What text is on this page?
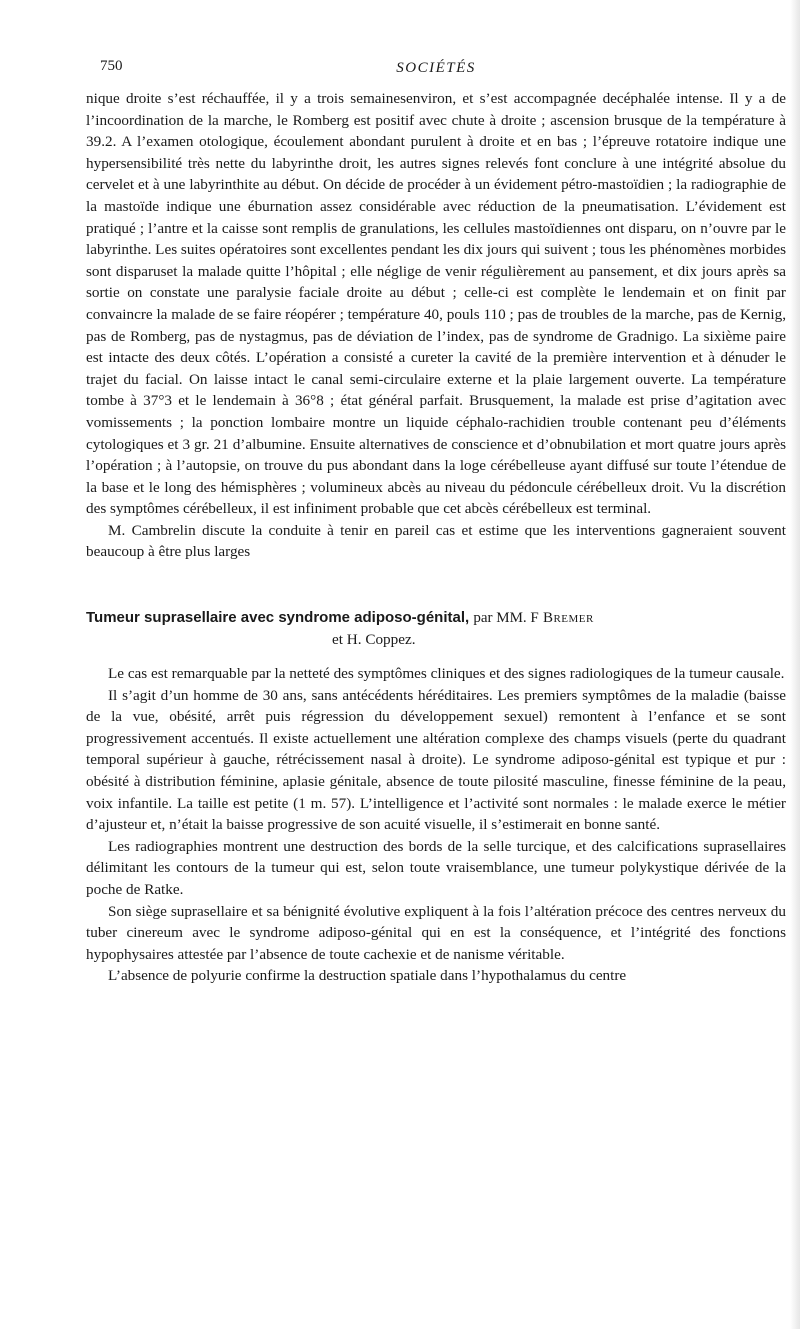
750	SOCIÉTÉS

nique droite s’est réchauffée, il y a trois semainesenviron, et s’est accompagnée decéphalée intense. Il y a de l’incoordination de la marche, le Romberg est positif avec chute à droite ; ascension brusque de la température à 39.2. A l’examen otologique, écoulement abondant purulent à droite et en bas ; l’épreuve rotatoire indique une hypersensibilité très nette du labyrinthe droit, les autres signes relevés font conclure à une intégrité absolue du cervelet et à une labyrinthite au début. On décide de procéder à un évidement pétro-mastoïdien ; la radiographie de la mastoïde indique une éburnation assez considérable avec réduction de la pneumatisation. L’évidement est pratiqué ; l’antre et la caisse sont remplis de granulations, les cellules mastoïdiennes ont disparu, on n’ouvre par le labyrinthe. Les suites opératoires sont excellentes pendant les dix jours qui suivent ; tous les phénomènes morbides sont disparuset la malade quitte l’hôpital ; elle néglige de venir régulièrement au pansement, et dix jours après sa sortie on constate une paralysie faciale droite au début ; celle-ci est complète le lendemain et on finit par convaincre la malade de se faire réopérer ; température 40, pouls 110 ; pas de troubles de la marche, pas de Kernig, pas de Romberg, pas de nystagmus, pas de déviation de l’index, pas de syndrome de Gradnigo. La sixième paire est intacte des deux côtés. L’opération a consisté a cureter la cavité de la première intervention et à dénuder le trajet du facial. On laisse intact le canal semi-circulaire externe et la plaie largement ouverte. La température tombe à 37°3 et le lendemain à 36°8 ; état général parfait. Brusquement, la malade est prise d’agitation avec vomissements ; la ponction lombaire montre un liquide céphalo-rachidien trouble contenant peu d’éléments cytologiques et 3 gr. 21 d’albumine. Ensuite alternatives de conscience et d’obnubilation et mort quatre jours après l’opération ; à l’autopsie, on trouve du pus abondant dans la loge cérébelleuse ayant diffusé sur toute l’étendue de la base et le long des hémisphères ; volumineux abcès au niveau du pédoncule cérébelleux droit. Vu la discrétion des symptômes cérébelleux, il est infiniment probable que cet abcès cérébelleux est terminal.

M. Cambrelin discute la conduite à tenir en pareil cas et estime que les interventions gagneraient souvent beaucoup à être plus larges

Tumeur suprasellaire avec syndrome adiposo-génital, par MM. F Bremer

et H. Coppez.

Le cas est remarquable par la netteté des symptômes cliniques et des signes radiologiques de la tumeur causale.

Il s’agit d’un homme de 30 ans, sans antécédents héréditaires. Les premiers symptômes de la maladie (baisse de la vue, obésité, arrêt puis régression du développement sexuel) remontent à l’enfance et se sont progressivement accentués. Il existe actuellement une altération complexe des champs visuels (perte du quadrant temporal supérieur à gauche, rétrécissement nasal à droite). Le syndrome adiposo-génital est typique et pur : obésité à distribution féminine, aplasie génitale, absence de toute pilosité masculine, finesse féminine de la peau, voix infantile. La taille est petite (1 m. 57). L’intelligence et l’activité sont normales : le malade exerce le métier d’ajusteur et, n’était la baisse progressive de son acuité visuelle, il s’estimerait en bonne santé.

Les radiographies montrent une destruction des bords de la selle turcique, et des calcifications suprasellaires délimitant les contours de la tumeur qui est, selon toute vraisemblance, une tumeur polykystique dérivée de la poche de Ratke.

Son siège suprasellaire et sa bénignité évolutive expliquent à la fois l’altération précoce des centres nerveux du tuber cinereum avec le syndrome adiposo-génital qui en est la conséquence, et l’intégrité des fonctions hypophysaires attestée par l’absence de toute cachexie et de nanisme véritable.

L’absence de polyurie confirme la destruction spatiale dans l’hypothalamus du centre
